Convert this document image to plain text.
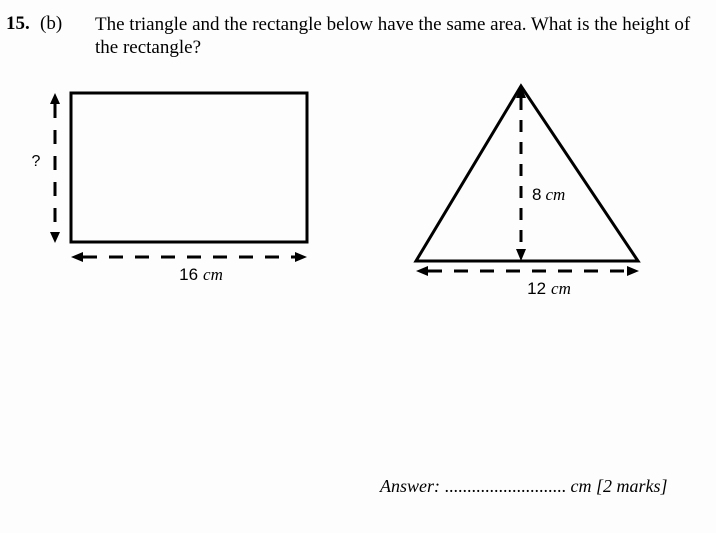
15. (b) The triangle and the rectangle below have the same area. What is the height of the rectangle?
?
16 cm
8 cm
12 cm
Answer: ........................... cm [2 marks]
